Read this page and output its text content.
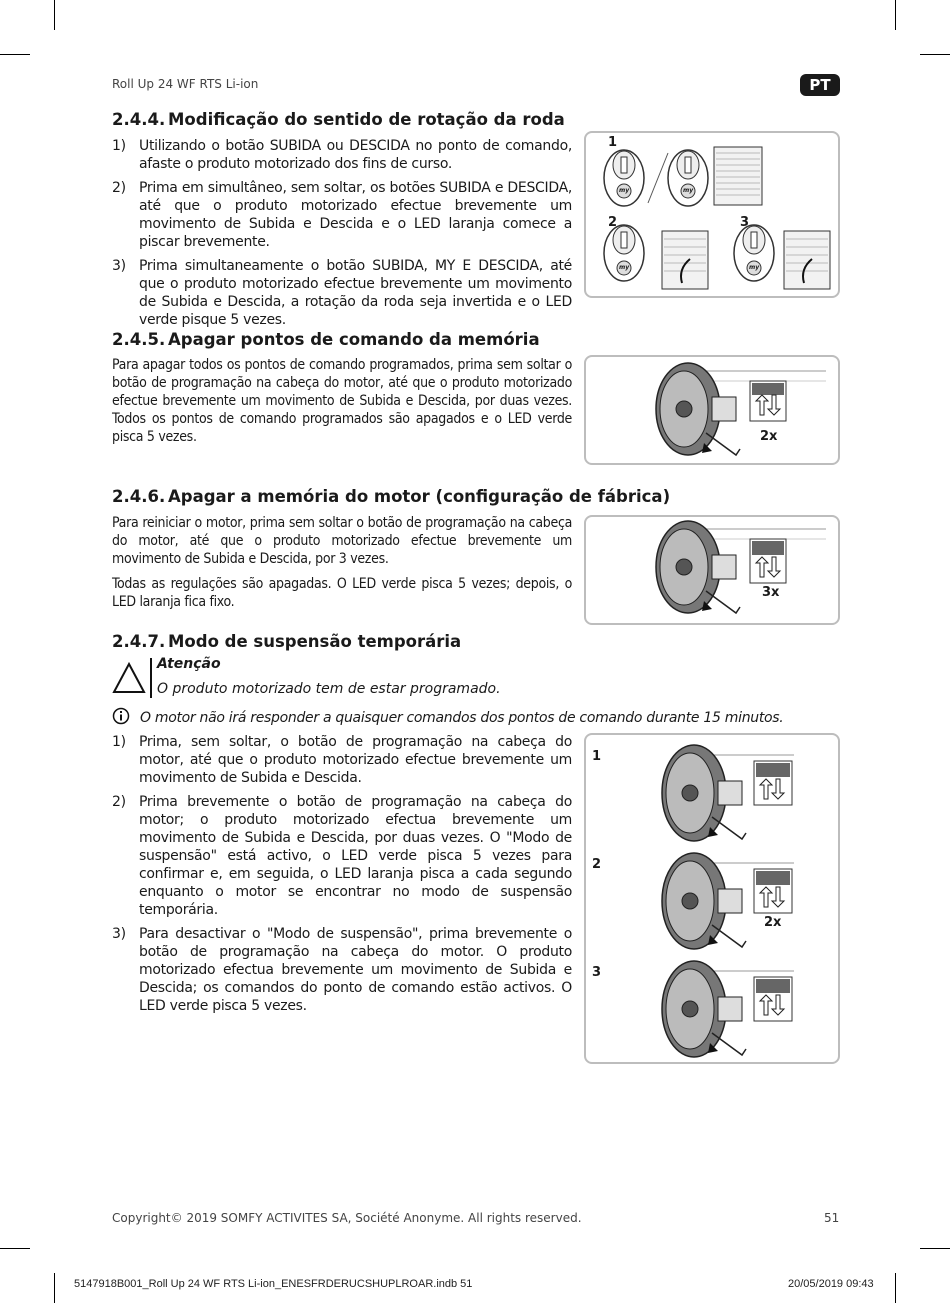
Roll Up 24 WF RTS Li-ion	PT
2.4.4. Modificação do sentido de rotação da roda
1) Utilizando o botão SUBIDA ou DESCIDA no ponto de comando, afaste o produto motorizado dos fins de curso.
2) Prima em simultâneo, sem soltar, os botões SUBIDA e DESCIDA, até que o produto motorizado efectue brevemente um movimento de Subida e Descida e o LED laranja comece a piscar brevemente.
3) Prima simultaneamente o botão SUBIDA, MY E DESCIDA, até que o produto motorizado efectue brevemente um movimento de Subida e Descida, a rotação da roda seja invertida e o LED verde pisque 5 vezes.
1
2	3
my	my
my	my
2.4.5. Apagar pontos de comando da memória
Para apagar todos os pontos de comando programados, prima sem soltar o botão de programação na cabeça do motor, até que o produto motorizado efectue brevemente um movimento de Subida e Descida, por duas vezes. Todos os pontos de comando programados são apagados e o LED verde pisca 5 vezes.	2x
2.4.6. Apagar a memória do motor (configuração de fábrica)
Para reiniciar o motor, prima sem soltar o botão de programação na cabeça do motor, até que o produto motorizado efectue brevemente um movimento de Subida e Descida, por 3 vezes.
Todas as regulações são apagadas. O LED verde pisca 5 vezes; depois, o LED laranja fica fixo.
3x
2.4.7. Modo de suspensão temporária
Atenção
O produto motorizado tem de estar programado.
O motor não irá responder a quaisquer comandos dos pontos de comando durante 15 minutos.
1) Prima, sem soltar, o botão de programação na cabeça do motor, até que o produto motorizado efectue brevemente um movimento de Subida e Descida.
2) Prima brevemente o botão de programação na cabeça do motor; o produto motorizado efectua brevemente um movimento de Subida e Descida, por duas vezes. O "Modo de suspensão" está activo, o LED verde pisca 5 vezes para confirmar e, em seguida, o LED laranja pisca a cada segundo enquanto o motor se encontrar no modo de suspensão temporária.
3) Para desactivar o "Modo de suspensão", prima brevemente o botão de programação na cabeça do motor. O produto motorizado efectua brevemente um movimento de Subida e Descida; os comandos do ponto de comando estão activos. O LED verde pisca 5 vezes.
1
2
3
2x
Copyright© 2019 SOMFY ACTIVITES SA, Société Anonyme. All rights reserved.	51
5147918B001_Roll Up 24 WF RTS Li-ion_ENESFRDERUCSHUPLROAR.indb 51	20/05/2019 09:43
